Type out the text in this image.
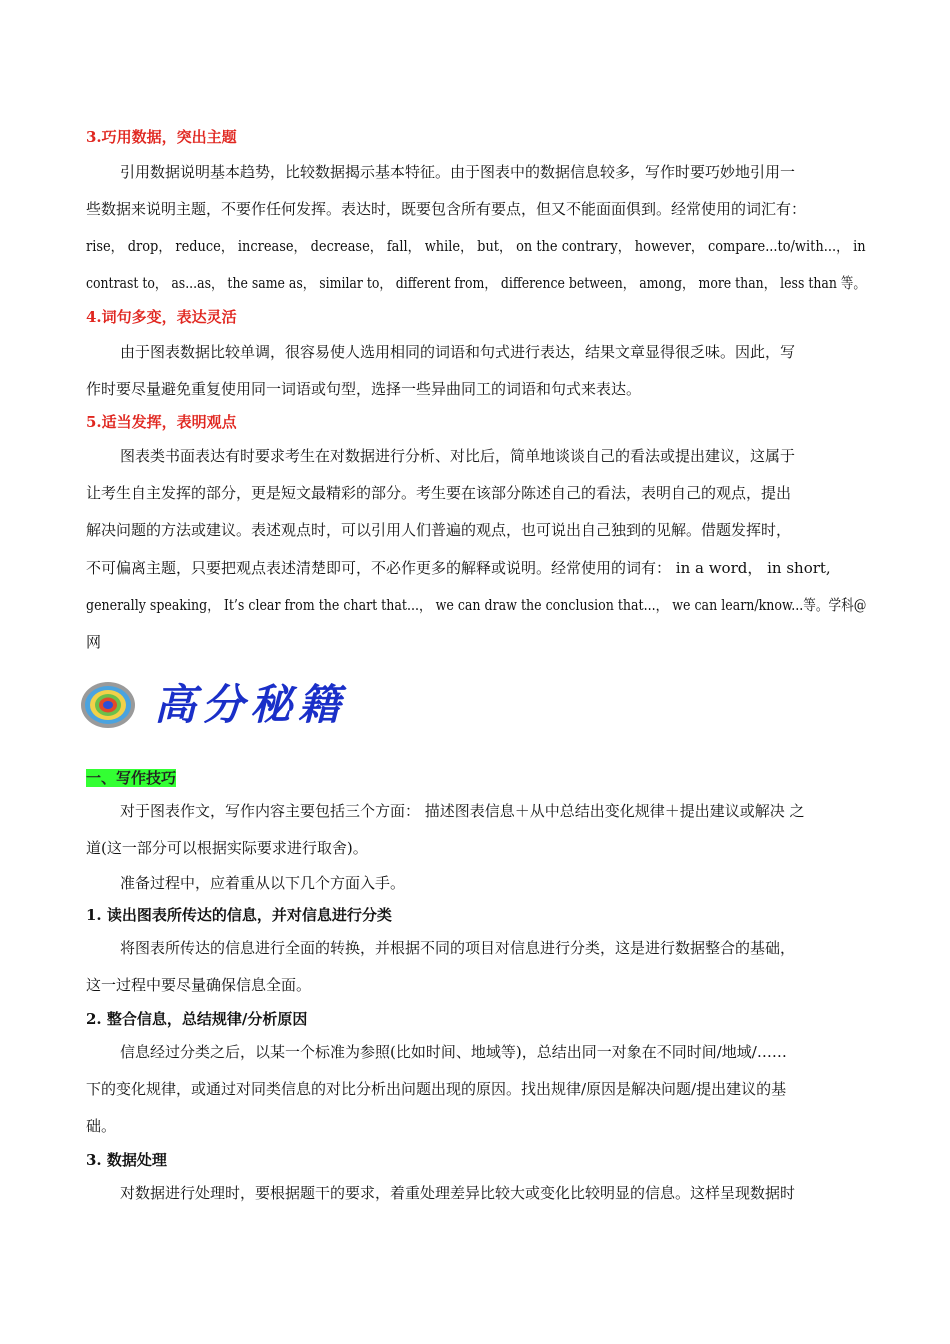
3.巧用数据，突出主题
引用数据说明基本趋势，比较数据揭示基本特征。由于图表中的数据信息较多，写作时要巧妙地引用一
些数据来说明主题，不要作任何发挥。表达时，既要包含所有要点，但又不能面面俱到。经常使用的词汇有：
rise， drop， reduce， increase， decrease， fall， while， but， on the contrary， however， compare...to/with...， in
contrast to， as...as， the same as， similar to， different from， difference between， among， more than， less than 等。
4.词句多变，表达灵活
由于图表数据比较单调，很容易使人选用相同的词语和句式进行表达，结果文章显得很乏味。因此，写
作时要尽量避免重复使用同一词语或句型，选择一些异曲同工的词语和句式来表达。
5.适当发挥，表明观点
图表类书面表达有时要求考生在对数据进行分析、对比后，简单地谈谈自己的看法或提出建议，这属于
让考生自主发挥的部分，更是短文最精彩的部分。考生要在该部分陈述自己的看法，表明自己的观点，提出
解决问题的方法或建议。表述观点时，可以引用人们普遍的观点，也可说出自己独到的见解。借题发挥时，
不可偏离主题，只要把观点表述清楚即可，不必作更多的解释或说明。经常使用的词有： in a word， in short,
generally speaking， It’s clear from the chart that...， we can draw the conclusion that...， we can learn/know...等。学科@
网
高分秘籍
一、写作技巧
对于图表作文，写作内容主要包括三个方面： 描述图表信息＋从中总结出变化规律＋提出建议或解决 之
道(这一部分可以根据实际要求进行取舍)。
准备过程中，应着重从以下几个方面入手。
1. 读出图表所传达的信息，并对信息进行分类
将图表所传达的信息进行全面的转换，并根据不同的项目对信息进行分类，这是进行数据整合的基础，
这一过程中要尽量确保信息全面。
2. 整合信息，总结规律/分析原因
信息经过分类之后，以某一个标准为参照(比如时间、地域等)，总结出同一对象在不同时间/地域/……
下的变化规律，或通过对同类信息的对比分析出问题出现的原因。找出规律/原因是解决问题/提出建议的基
础。
3. 数据处理
对数据进行处理时，要根据题干的要求，着重处理差异比较大或变化比较明显的信息。这样呈现数据时
